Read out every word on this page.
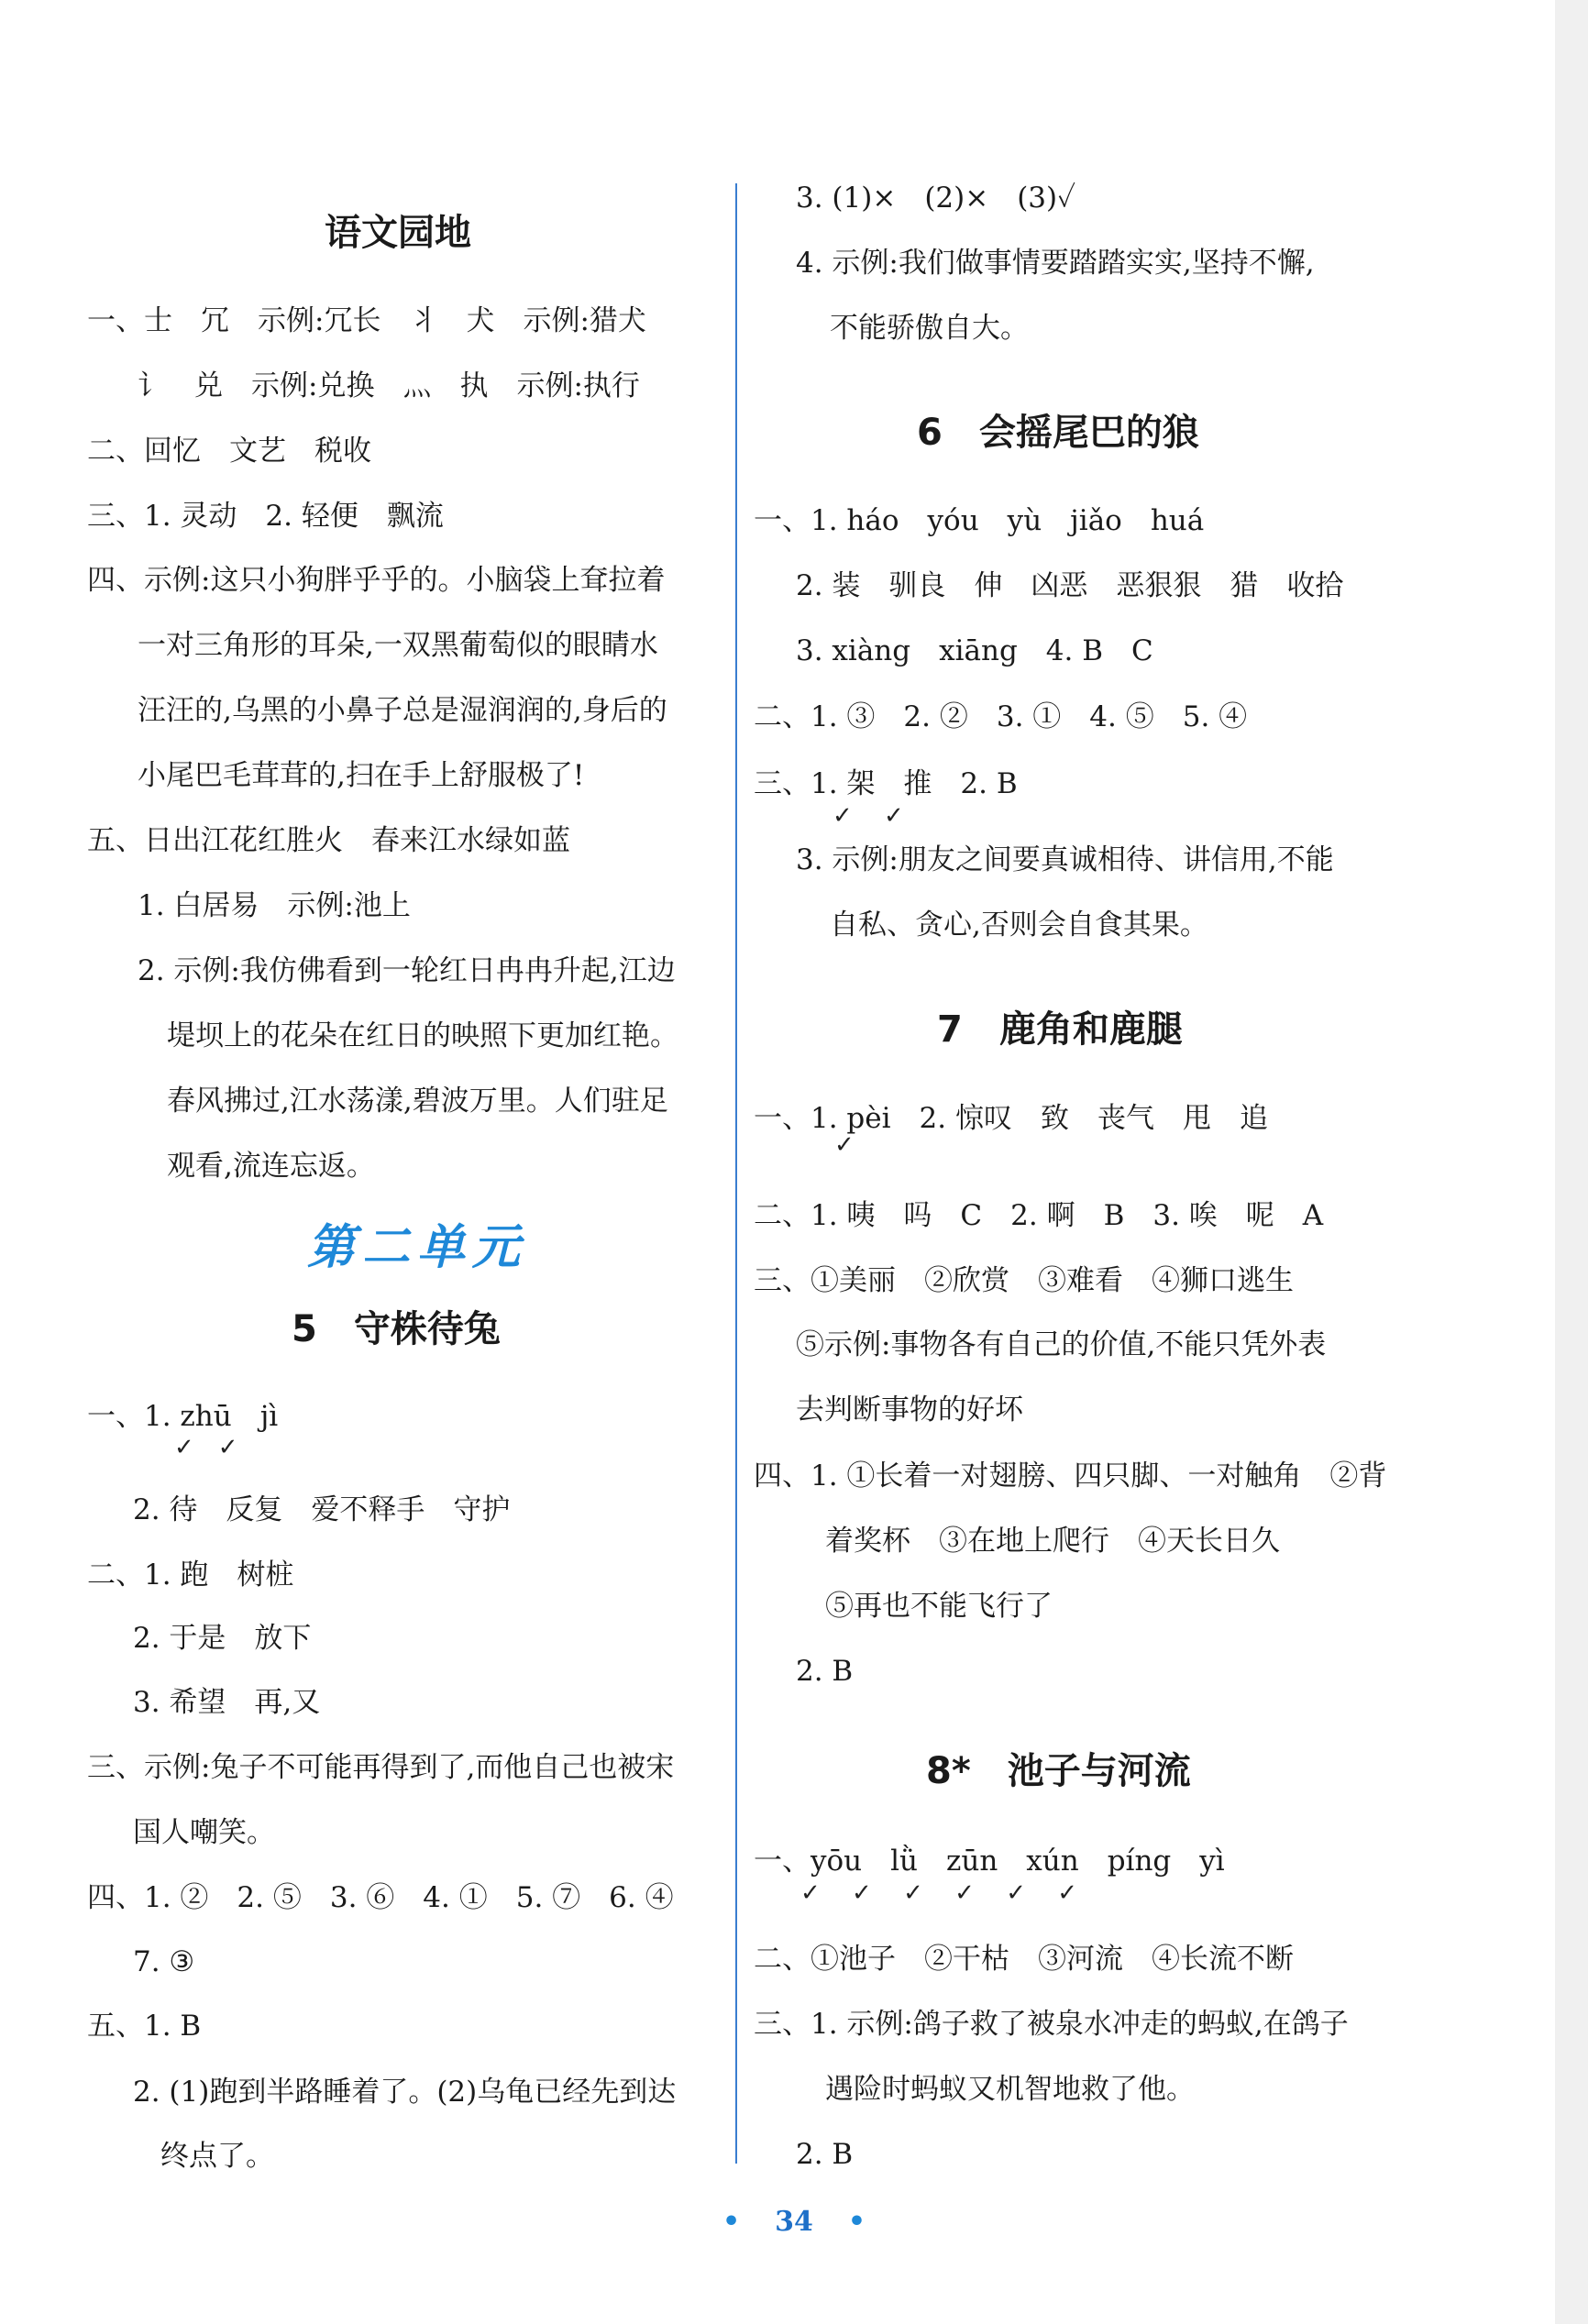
语文园地
一、士　冗　示例:冗长　丬　犬　示例:猎犬
讠　兑　示例:兑换　灬　执　示例:执行
二、回忆　文艺　税收
三、1. 灵动　2. 轻便　飘流
四、示例:这只小狗胖乎乎的。小脑袋上耷拉着
一对三角形的耳朵,一双黑葡萄似的眼睛水
汪汪的,乌黑的小鼻子总是湿润润的,身后的
小尾巴毛茸茸的,扫在手上舒服极了!
五、日出江花红胜火　春来江水绿如蓝
1. 白居易　示例:池上
2. 示例:我仿佛看到一轮红日冉冉升起,江边
堤坝上的花朵在红日的映照下更加红艳。
春风拂过,江水荡漾,碧波万里。人们驻足
观看,流连忘返。
第二单元
5　守株待兔
一、1. zhū　jì
✓　✓
2. 待　反复　爱不释手　守护
二、1. 跑　树桩
2. 于是　放下
3. 希望　再,又
三、示例:兔子不可能再得到了,而他自己也被宋
国人嘲笑。
四、1. ②　2. ⑤　3. ⑥　4. ①　5. ⑦　6. ④
7. ③
五、1. B
2. (1)跑到半路睡着了。(2)乌龟已经先到达
终点了。
3. (1)×　(2)×　(3)✓
4. 示例:我们做事情要踏踏实实,坚持不懈,
不能骄傲自大。
6　会摇尾巴的狼
一、1. háo　yóu　yù　jiǎo　huá
2. 装　驯良　伸　凶恶　恶狠狠　猎　收拾
3. xiàng　xiāng　4. B　C
二、1. ③　2. ②　3. ①　4. ⑤　5. ④
三、1. 架　推　2. B
✓　 ✓
3. 示例:朋友之间要真诚相待、讲信用,不能
自私、贪心,否则会自食其果。
7　鹿角和鹿腿
一、1. pèi　2. 惊叹　致　丧气　甩　追
✓
二、1. 咦　吗　C　2. 啊　B　3. 唉　呢　A
三、①美丽　②欣赏　③难看　④狮口逃生
⑤示例:事物各有自己的价值,不能只凭外表
去判断事物的好坏
四、1. ①长着一对翅膀、四只脚、一对触角　②背
着奖杯　③在地上爬行　④天长日久
⑤再也不能飞行了
2. B
8*　池子与河流
一、yōu　lǜ　zūn　xún　píng　yì
✓　 ✓　 ✓　 ✓　 ✓　 ✓
二、①池子　②干枯　③河流　④长流不断
三、1. 示例:鸽子救了被泉水冲走的蚂蚁,在鸽子
遇险时蚂蚁又机智地救了他。
2. B
• 34 •
